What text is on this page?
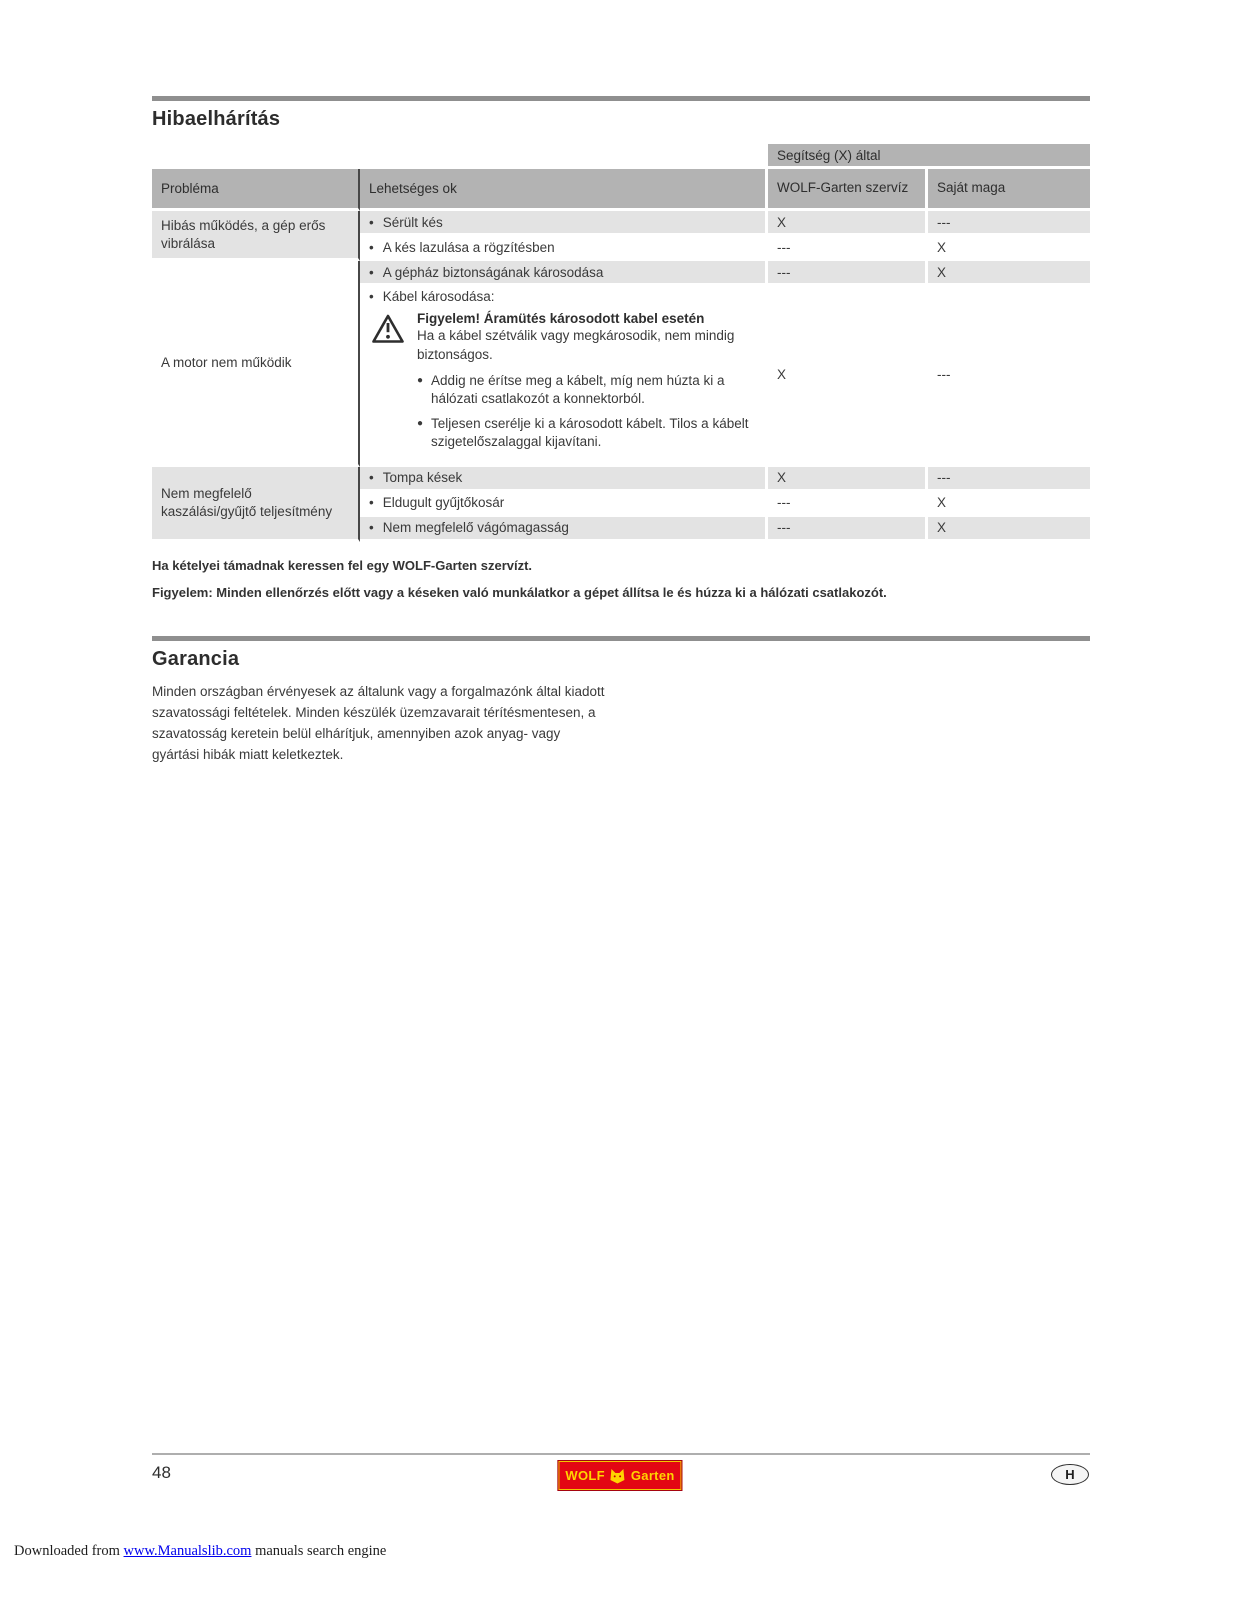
Hibaelhárítás
		Segítség (X) által	
Probléma	Lehetséges ok	WOLF-Garten szervíz	Saját maga
Hibás működés, a gép erős vibrálása	• Sérült kés	X	---

	• A kés lazulása a rögzítésben	---	X
A motor nem működik	• A gépház biztonságának károsodása	---	X

• Kábel károsodása:
Figyelem! Áramütés károsodott kabel esetén
Ha a kábel szétválik vagy megkárosodik, nem mindig biztonságos.
● Addig ne érítse meg a kábelt, míg nem húzta ki a hálózati csatlakozót a konnektorból.
● Teljesen cserélje ki a károsodott kábelt. Tilos a kábelt szigetelőszalaggal kijavítani.
	X	---
Nem megfelelő kaszálási/gyűjtő teljesítmény	• Tompa kések	X	---

	• Eldugult gyűjtőkosár	---	X

	• Nem megfelelő vágómagasság	---	X
Ha kételyei támadnak keressen fel egy WOLF-Garten szervízt.
Figyelem: Minden ellenőrzés előtt vagy a késeken való munkálatkor a gépet állítsa le és húzza ki a hálózati csatlakozót.
Garancia
Minden országban érvényesek az általunk vagy a forgalmazónk által kiadott szavatossági feltételek. Minden készülék üzemzavarait térítésmentesen, a szavatosság keretein belül elhárítjuk, amennyiben azok anyag- vagy gyártási hibák miatt keletkeztek.
48	WOLF Garten	H
Downloaded from www.Manualslib.com manuals search engine
